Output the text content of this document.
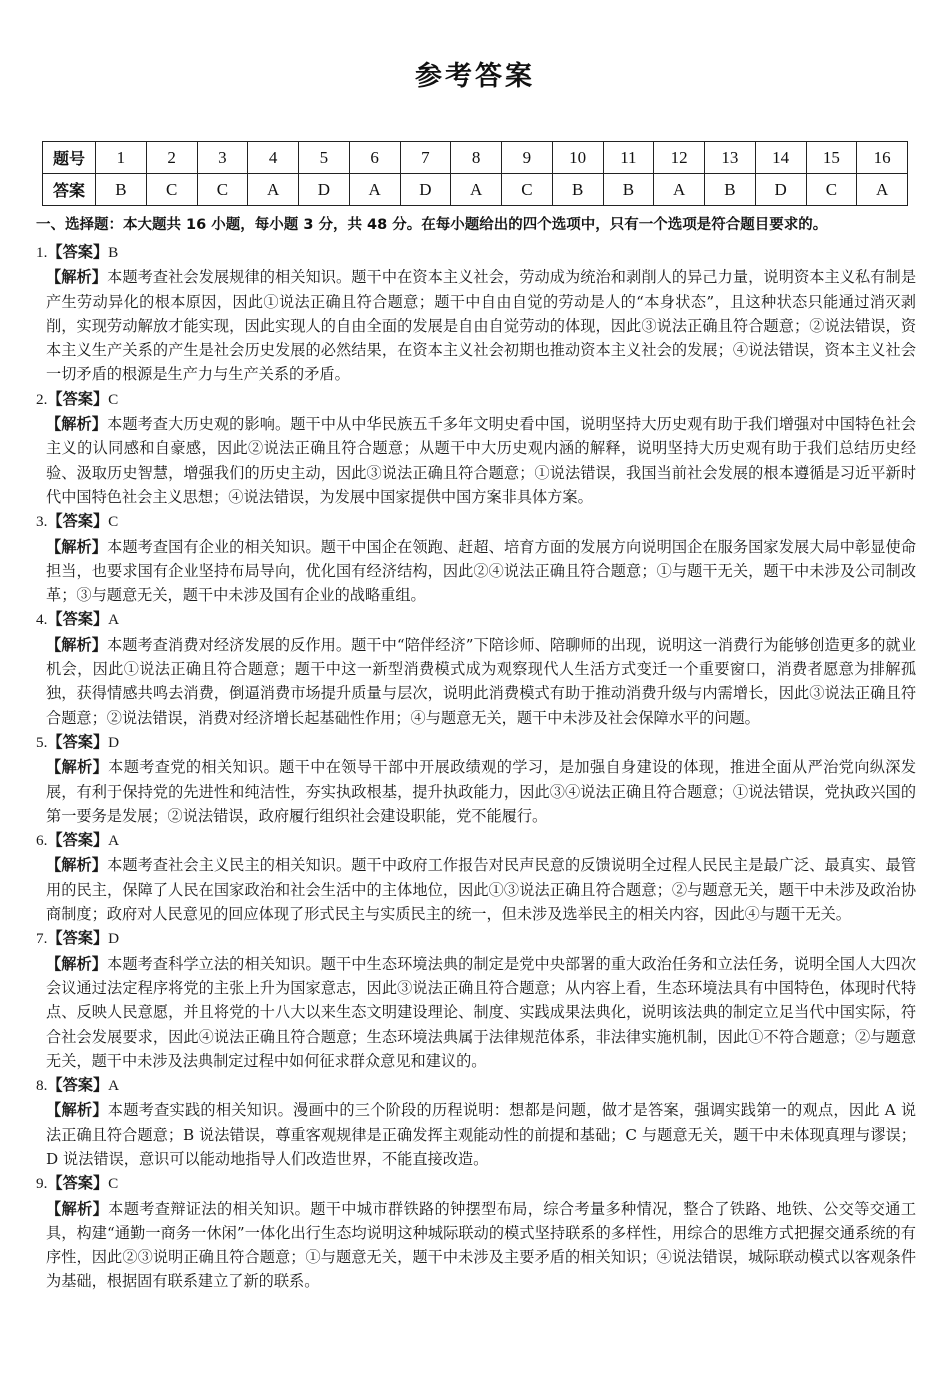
参考答案
题号	1	2	3	4	5	6	7	8	9	10	11	12	13	14	15	16
答案	B	C	C	A	D	A	D	A	C	B	B	A	B	D	C	A
一、选择题：本大题共 16 小题，每小题 3 分，共 48 分。在每小题给出的四个选项中，只有一个选项是符合题目要求的。
1.【答案】B
【解析】本题考查社会发展规律的相关知识。题干中在资本主义社会，劳动成为统治和剥削人的异己力量，说明资本主义私有制是产生劳动异化的根本原因，因此①说法正确且符合题意；题干中自由自觉的劳动是人的“本身状态”，且这种状态只能通过消灭剥削，实现劳动解放才能实现，因此实现人的自由全面的发展是自由自觉劳动的体现，因此③说法正确且符合题意；②说法错误，资本主义生产关系的产生是社会历史发展的必然结果，在资本主义社会初期也推动资本主义社会的发展；④说法错误，资本主义社会一切矛盾的根源是生产力与生产关系的矛盾。
2.【答案】C
【解析】本题考查大历史观的影响。题干中从中华民族五千多年文明史看中国，说明坚持大历史观有助于我们增强对中国特色社会主义的认同感和自豪感，因此②说法正确且符合题意；从题干中大历史观内涵的解释，说明坚持大历史观有助于我们总结历史经验、汲取历史智慧，增强我们的历史主动，因此③说法正确且符合题意；①说法错误，我国当前社会发展的根本遵循是习近平新时代中国特色社会主义思想；④说法错误，为发展中国家提供中国方案非具体方案。
3.【答案】C
【解析】本题考查国有企业的相关知识。题干中国企在领跑、赶超、培育方面的发展方向说明国企在服务国家发展大局中彰显使命担当，也要求国有企业坚持布局导向，优化国有经济结构，因此②④说法正确且符合题意；①与题干无关，题干中未涉及公司制改革；③与题意无关，题干中未涉及国有企业的战略重组。
4.【答案】A
【解析】本题考查消费对经济发展的反作用。题干中“陪伴经济”下陪诊师、陪聊师的出现，说明这一消费行为能够创造更多的就业机会，因此①说法正确且符合题意；题干中这一新型消费模式成为观察现代人生活方式变迁一个重要窗口，消费者愿意为排解孤独，获得情感共鸣去消费，倒逼消费市场提升质量与层次，说明此消费模式有助于推动消费升级与内需增长，因此③说法正确且符合题意；②说法错误，消费对经济增长起基础性作用；④与题意无关，题干中未涉及社会保障水平的问题。
5.【答案】D
【解析】本题考查党的相关知识。题干中在领导干部中开展政绩观的学习，是加强自身建设的体现，推进全面从严治党向纵深发展，有利于保持党的先进性和纯洁性，夯实执政根基，提升执政能力，因此③④说法正确且符合题意；①说法错误，党执政兴国的第一要务是发展；②说法错误，政府履行组织社会建设职能，党不能履行。
6.【答案】A
【解析】本题考查社会主义民主的相关知识。题干中政府工作报告对民声民意的反馈说明全过程人民民主是最广泛、最真实、最管用的民主，保障了人民在国家政治和社会生活中的主体地位，因此①③说法正确且符合题意；②与题意无关，题干中未涉及政治协商制度；政府对人民意见的回应体现了形式民主与实质民主的统一，但未涉及选举民主的相关内容，因此④与题干无关。
7.【答案】D
【解析】本题考查科学立法的相关知识。题干中生态环境法典的制定是党中央部署的重大政治任务和立法任务，说明全国人大四次会议通过法定程序将党的主张上升为国家意志，因此③说法正确且符合题意；从内容上看，生态环境法具有中国特色，体现时代特点、反映人民意愿，并且将党的十八大以来生态文明建设理论、制度、实践成果法典化，说明该法典的制定立足当代中国实际，符合社会发展要求，因此④说法正确且符合题意；生态环境法典属于法律规范体系，非法律实施机制，因此①不符合题意；②与题意无关，题干中未涉及法典制定过程中如何征求群众意见和建议的。
8.【答案】A
【解析】本题考查实践的相关知识。漫画中的三个阶段的历程说明：想都是问题，做才是答案，强调实践第一的观点，因此 A 说法正确且符合题意；B 说法错误，尊重客观规律是正确发挥主观能动性的前提和基础；C 与题意无关，题干中未体现真理与谬误；D 说法错误，意识可以能动地指导人们改造世界，不能直接改造。
9.【答案】C
【解析】本题考查辩证法的相关知识。题干中城市群铁路的钟摆型布局，综合考量多种情况，整合了铁路、地铁、公交等交通工具，构建“通勤一商务一休闲”一体化出行生态均说明这种城际联动的模式坚持联系的多样性，用综合的思维方式把握交通系统的有序性，因此②③说明正确且符合题意；①与题意无关，题干中未涉及主要矛盾的相关知识；④说法错误，城际联动模式以客观条件为基础，根据固有联系建立了新的联系。
